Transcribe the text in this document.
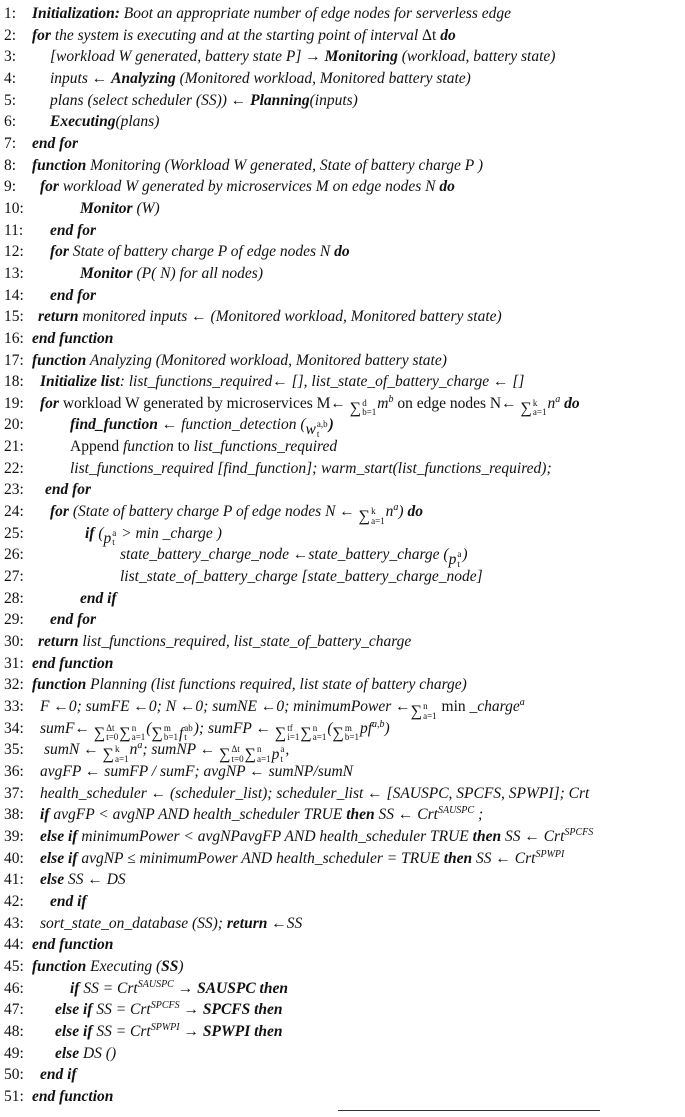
1: Initialization: Boot an appropriate number of edge nodes for serverless edge
2: for the system is executing and at the starting point of interval Δt do
3: [workload W generated, battery state P] → Monitoring (workload, battery state)
4: inputs ← Analyzing (Monitored workload, Monitored battery state)
5: plans (select scheduler (SS)) ← Planning(inputs)
6: Executing(plans)
7: end for
8: function Monitoring (Workload W generated, State of battery charge P )
9: for workload W generated by microservices M on edge nodes N do
10:	Monitor (W)
11: end for
12: for State of battery charge P of edge nodes N do
13:	Monitor (P( N) for all nodes)
14: end for
15: return monitored inputs ← (Monitored workload, Monitored battery state)
16: end function
17: function Analyzing (Monitored workload, Monitored battery state)
18: Initialize list: list_functions_required← [], list_state_of_battery_charge ← []
19: for workload W generated by microservices M← ∑ d
b=1
mb on edge nodes N← ∑ k
a=1
na do
20:	find_function ← function_detection (w a,b
t
)
21:	Append function to list_functions_required
22:	list_functions_required [find_function]; warm_start(list_functions_required);
23: end for
24: for (State of battery charge P of edge nodes N ← ∑ k
a=1
na) do
25:	if (p a
t
> min _charge )
26:	state_battery_charge_node ←state_battery_charge (p a
t
)
27:	list_state_of_battery_charge [state_battery_charge_node]
28:	end if
29: end for
30: return list_functions_required, list_state_of_battery_charge
31: end function
32: function Planning (list functions required, list state of battery charge)
33: F ←0; sumFE ←0; N ←0; sumNE ←0; minimumPower ←∑ n
a=1
min _chargea
34: sumF← ∑ Δt
t=0 ∑ n
a=1
(∑ m
b=1 f ab
t
); sumFP ← ∑ tf
i=1 ∑ n
a=1
(∑ m
b=1
pfa,b)
35: sumN ← ∑ k
a=1
na; sumNP ← ∑ Δt
t=0 ∑ n
a=1 p a
t
,
36: avgFP ← sumFP / sumF; avgNP ← sumNP/sumN
37: health_scheduler ← (scheduler_list); scheduler_list ← [SAUSPC, SPCFS, SPWPI]; Crt
38: if avgFP < avgNP AND health_scheduler TRUE then SS ← CrtSAUSPC ;
39: else if minimumPower < avgNPavgFP AND health_scheduler TRUE then SS ← CrtSPCFS
40: else if avgNP ≤ minimumPower AND health_scheduler = TRUE then SS ← CrtSPWPI
41: else SS ← DS
42: end if
43: sort_state_on_database (SS); return ←SS
44: end function
45: function Executing (SS)
46:	if SS = CrtSAUSPC → SAUSPC then
47: else if SS = CrtSPCFS → SPCFS then
48: else if SS = CrtSPWPI → SPWPI then
49: else DS ()
50: end if
51: end function
